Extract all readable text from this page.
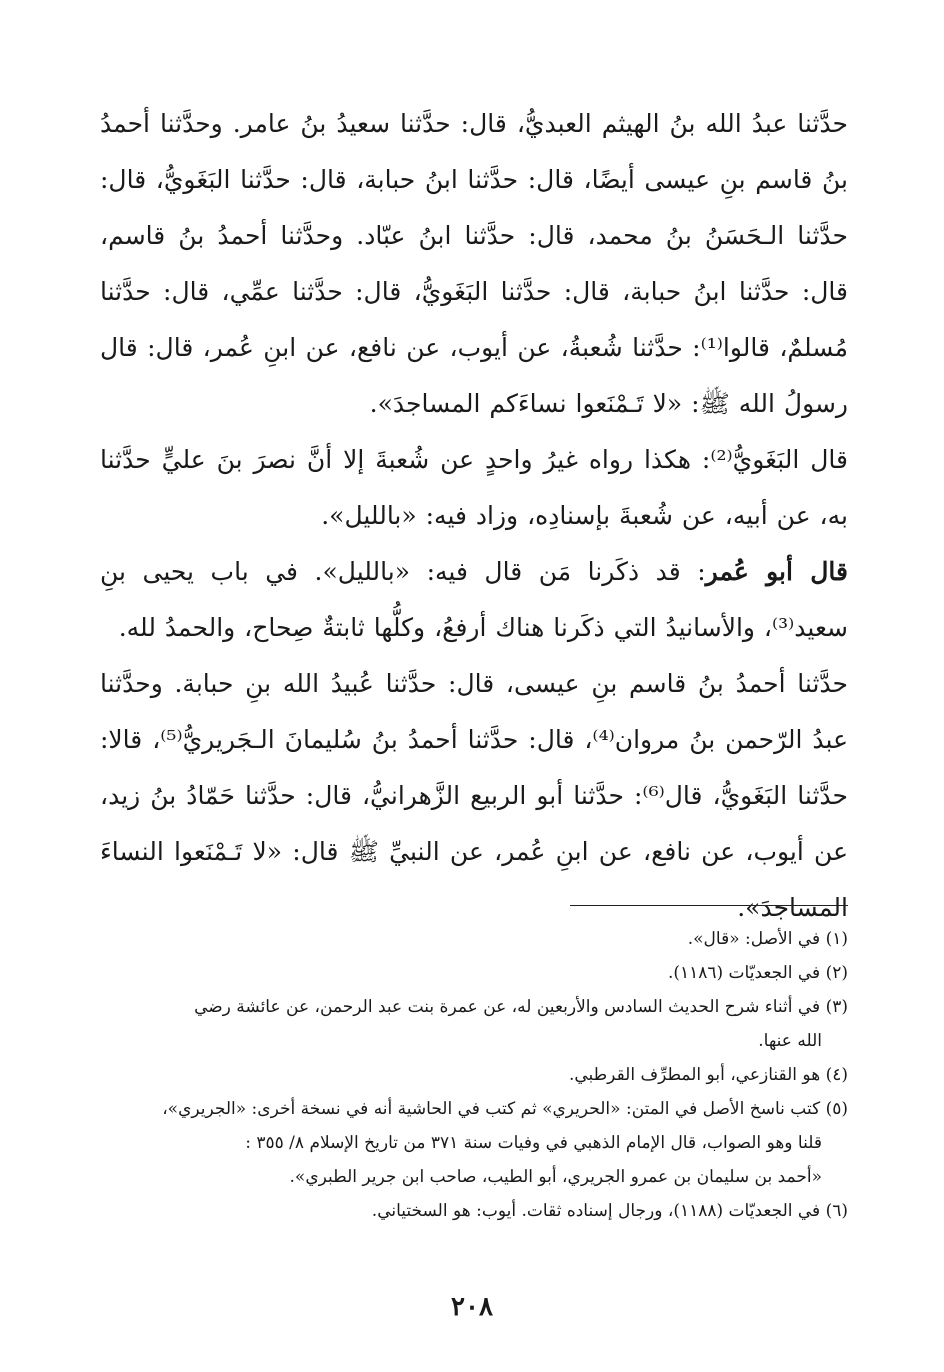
حدَّثنا عبدُ الله بنُ الهيثم العبديُّ، قال: حدَّثنا سعيدُ بنُ عامر. وحدَّثنا أحمدُ بنُ قاسم بنِ عيسى أيضًا، قال: حدَّثنا ابنُ حبابة، قال: حدَّثنا البَغَويُّ، قال: حدَّثنا الـحَسَنُ بنُ محمد، قال: حدَّثنا ابنُ عبّاد. وحدَّثنا أحمدُ بنُ قاسم، قال: حدَّثنا ابنُ حبابة، قال: حدَّثنا البَغَويُّ، قال: حدَّثنا عمِّي، قال: حدَّثنا مُسلمٌ، قالوا⁽¹⁾: حدَّثنا شُعبةُ، عن أيوب، عن نافع، عن ابنِ عُمر، قال: قال رسولُ الله ﷺ: «لا تَـمْنَعوا نساءَكم المساجدَ».

قال البَغَويُّ⁽²⁾: هكذا رواه غيرُ واحدٍ عن شُعبةَ إلا أنَّ نصرَ بنَ عليٍّ حدَّثنا به، عن أبيه، عن شُعبةَ بإسنادِه، وزاد فيه: «بالليل».

قال أبو عُمر: قد ذكَرنا مَن قال فيه: «بالليل». في باب يحيى بنِ سعيد⁽³⁾، والأسانيدُ التي ذكَرنا هناك أرفعُ، وكلُّها ثابتةٌ صِحاح، والحمدُ لله.

حدَّثنا أحمدُ بنُ قاسم بنِ عيسى، قال: حدَّثنا عُبيدُ الله بنِ حبابة. وحدَّثنا عبدُ الرّحمن بنُ مروان⁽⁴⁾، قال: حدَّثنا أحمدُ بنُ سُليمانَ الـجَريريُّ⁽⁵⁾، قالا: حدَّثنا البَغَويُّ، قال⁽⁶⁾: حدَّثنا أبو الربيع الزَّهرانيُّ، قال: حدَّثنا حَمّادُ بنُ زيد، عن أيوب، عن نافع، عن ابنِ عُمر، عن النبيِّ ﷺ قال: «لا تَـمْنَعوا النساءَ المساجدَ».

(١) في الأصل: «قال».

(٢) في الجعديّات (١١٨٦).

(٣) في أثناء شرح الحديث السادس والأربعين له، عن عمرة بنت عبد الرحمن، عن عائشة رضي

الله عنها.

(٤) هو القنازعي، أبو المطرِّف القرطبي.

(٥) كتب ناسخ الأصل في المتن: «الحريري» ثم كتب في الحاشية أنه في نسخة أخرى: «الجريري»،

قلنا وهو الصواب، قال الإمام الذهبي في وفيات سنة ٣٧١ من تاريخ الإسلام ٨/ ٣٥٥ :

«أحمد بن سليمان بن عمرو الجريري، أبو الطيب، صاحب ابن جرير الطبري».

(٦) في الجعديّات (١١٨٨)، ورجال إسناده ثقات. أيوب: هو السختياني.

٢٠٨
